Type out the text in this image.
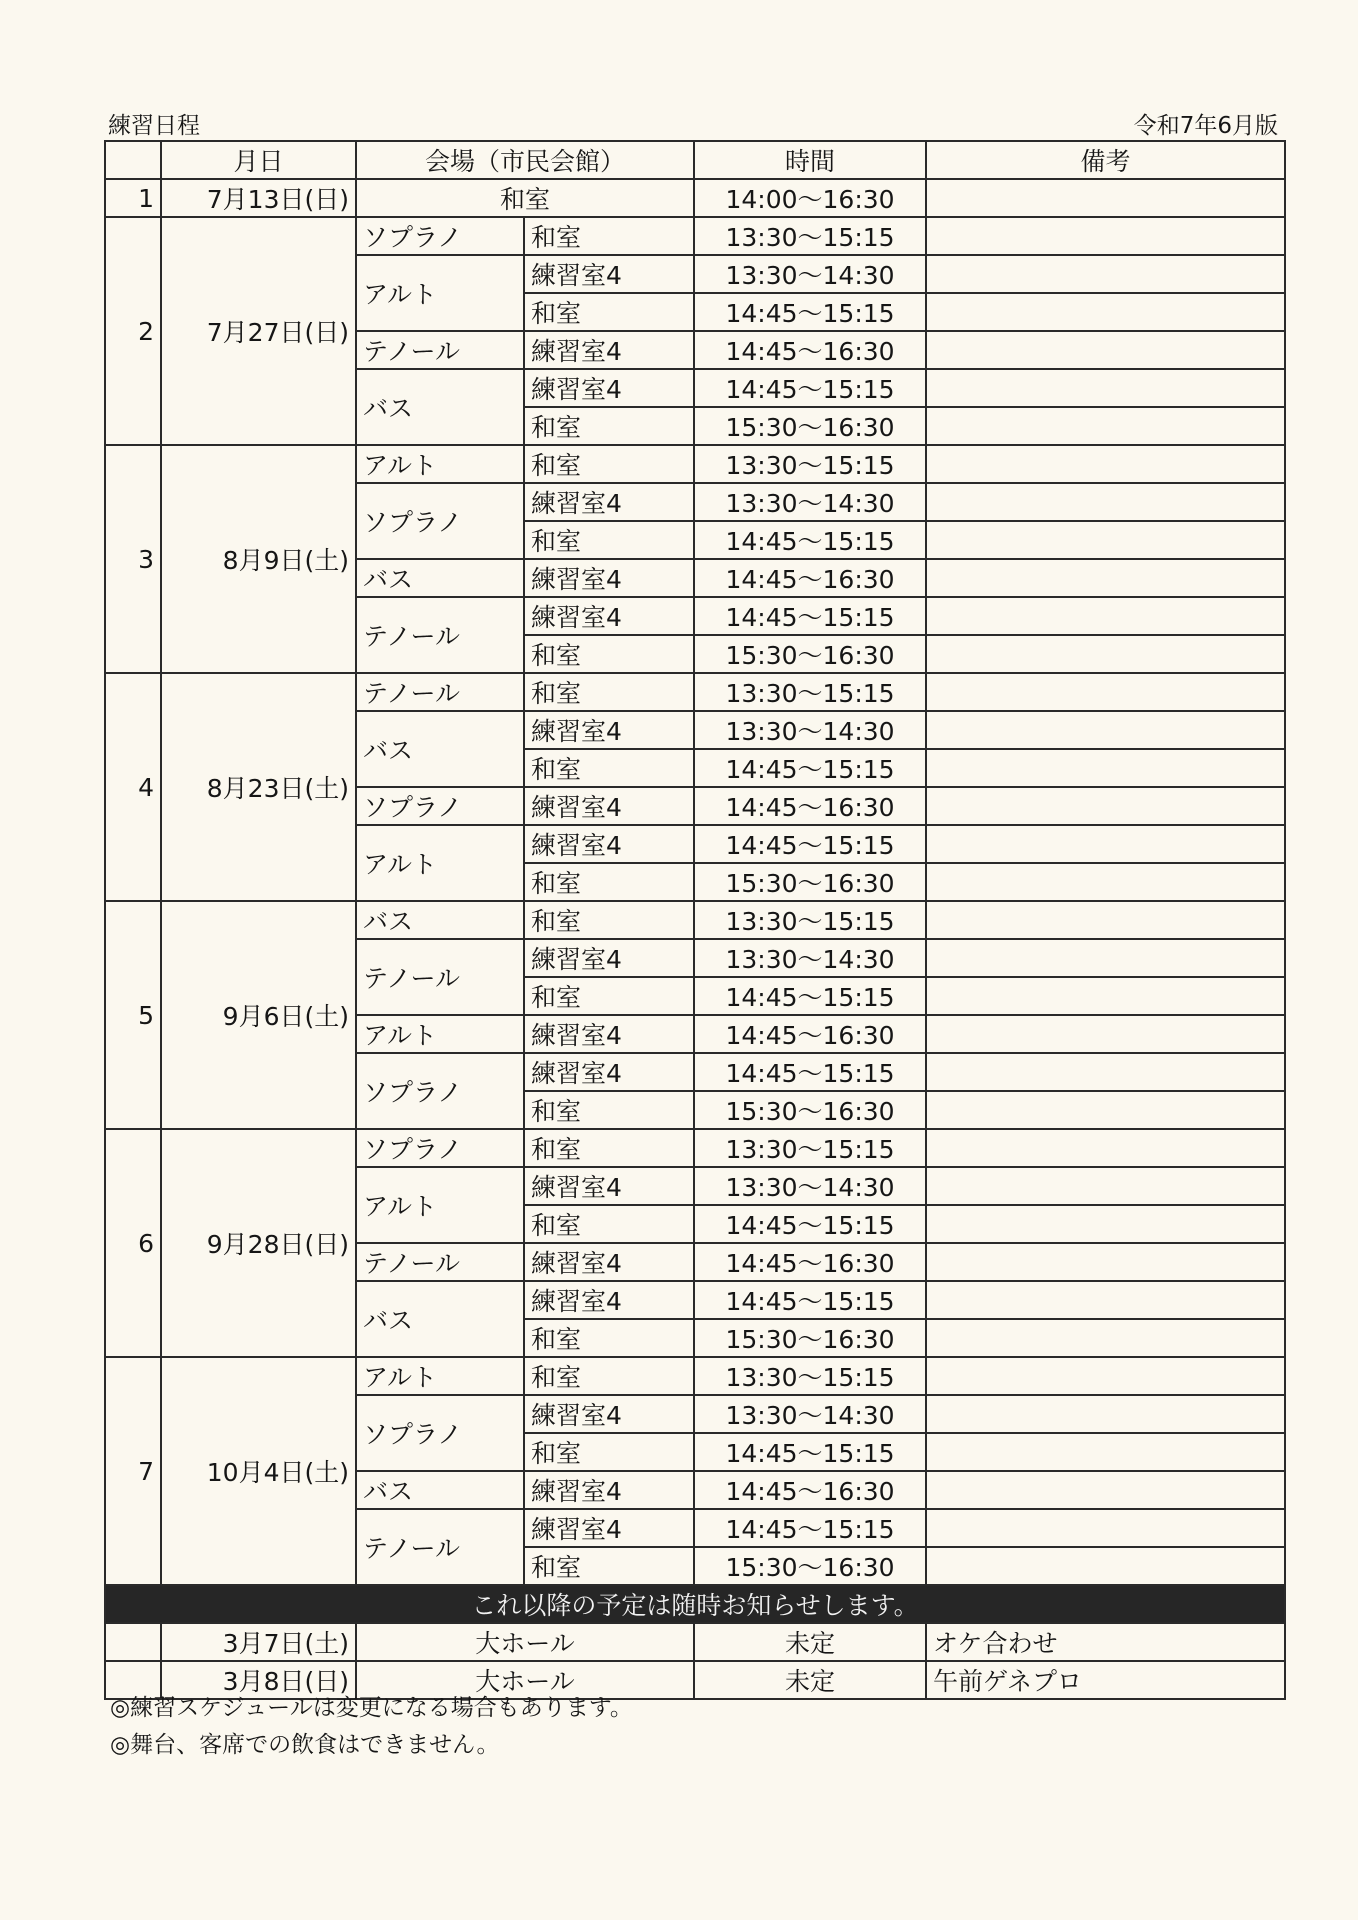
練習日程	令和7年6月版
	月日	会場（市民会館）		時間	備考
1	7月13日(日)	和室		14:00〜16:30	
2	7月27日(日)	ソプラノ	和室	13:30〜15:15	
		アルト	練習室4	13:30〜14:30	
			和室	14:45〜15:15	
		テノール	練習室4	14:45〜16:30	
		バス	練習室4	14:45〜15:15	
			和室	15:30〜16:30	
3	8月9日(土)	アルト	和室	13:30〜15:15	
		ソプラノ	練習室4	13:30〜14:30	
			和室	14:45〜15:15	
		バス	練習室4	14:45〜16:30	
		テノール	練習室4	14:45〜15:15	
			和室	15:30〜16:30	
4	8月23日(土)	テノール	和室	13:30〜15:15	
		バス	練習室4	13:30〜14:30	
			和室	14:45〜15:15	
		ソプラノ	練習室4	14:45〜16:30	
		アルト	練習室4	14:45〜15:15	
			和室	15:30〜16:30	
5	9月6日(土)	バス	和室	13:30〜15:15	
		テノール	練習室4	13:30〜14:30	
			和室	14:45〜15:15	
		アルト	練習室4	14:45〜16:30	
		ソプラノ	練習室4	14:45〜15:15	
			和室	15:30〜16:30	
6	9月28日(日)	ソプラノ	和室	13:30〜15:15	
		アルト	練習室4	13:30〜14:30	
			和室	14:45〜15:15	
		テノール	練習室4	14:45〜16:30	
		バス	練習室4	14:45〜15:15	
			和室	15:30〜16:30	
7	10月4日(土)	アルト	和室	13:30〜15:15	
		ソプラノ	練習室4	13:30〜14:30	
			和室	14:45〜15:15	
		バス	練習室4	14:45〜16:30	
		テノール	練習室4	14:45〜15:15	
			和室	15:30〜16:30	
これ以降の予定は随時お知らせします。					
	3月7日(土)	大ホール		未定	オケ合わせ
	3月8日(日)	大ホール		未定	午前ゲネプロ
◎練習スケジュールは変更になる場合もあります。
◎舞台、客席での飲食はできません。
